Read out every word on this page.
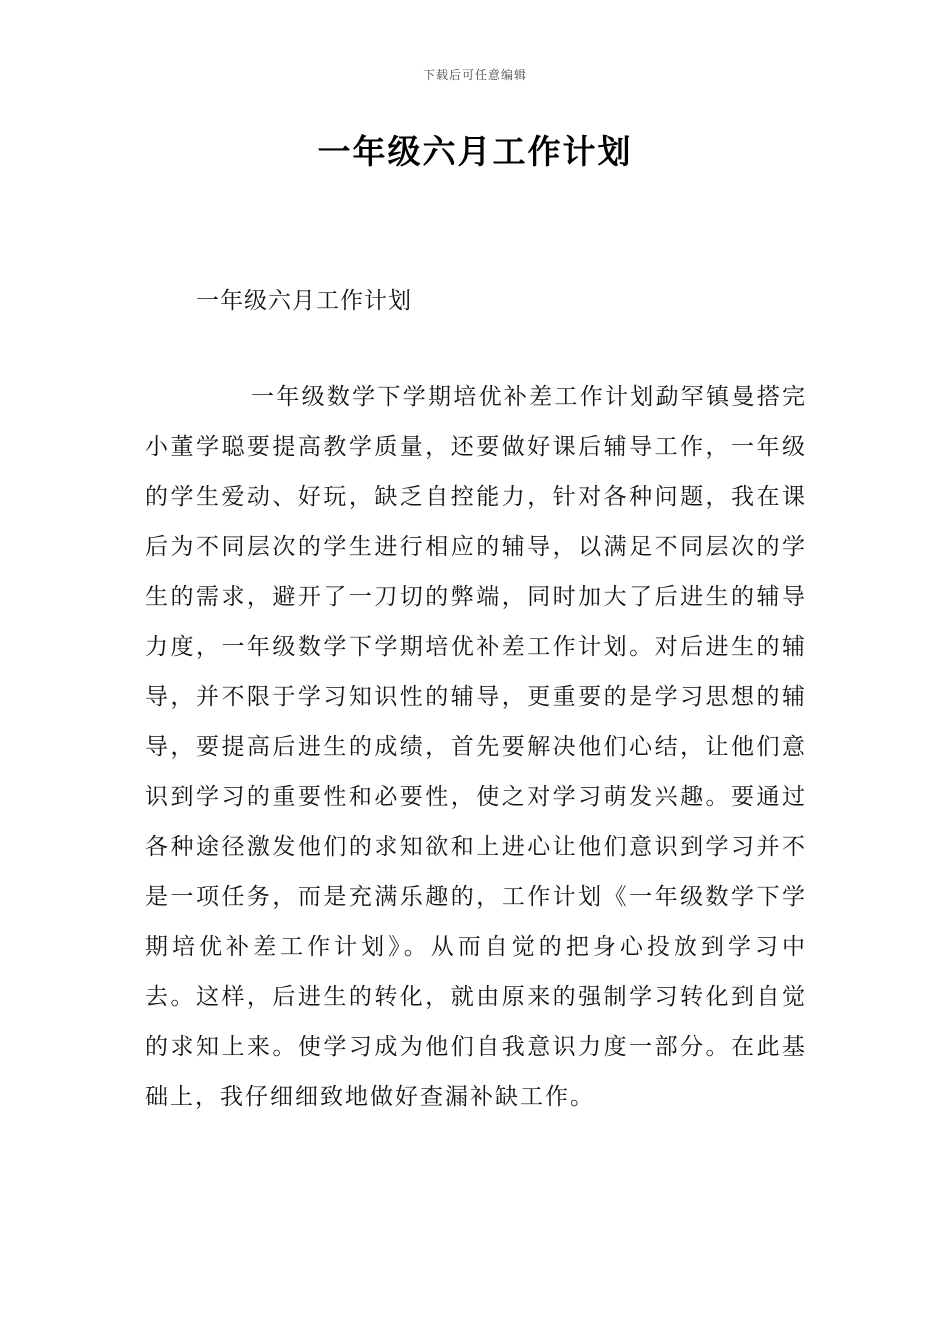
下载后可任意编辑
一年级六月工作计划
一年级六月工作计划

一年级数学下学期培优补差工作计划勐罕镇曼搭完小董学聪要提高教学质量，还要做好课后辅导工作，一年级的学生爱动、好玩，缺乏自控能力，针对各种问题，我在课后为不同层次的学生进行相应的辅导，以满足不同层次的学生的需求，避开了一刀切的弊端，同时加大了后进生的辅导力度，一年级数学下学期培优补差工作计划。对后进生的辅导，并不限于学习知识性的辅导，更重要的是学习思想的辅导，要提高后进生的成绩，首先要解决他们心结，让他们意识到学习的重要性和必要性，使之对学习萌发兴趣。要通过各种途径激发他们的求知欲和上进心让他们意识到学习并不是一项任务，而是充满乐趣的，工作计划《一年级数学下学期培优补差工作计划》。从而自觉的把身心投放到学习中去。这样，后进生的转化，就由原来的强制学习转化到自觉的求知上来。使学习成为他们自我意识力度一部分。在此基础上，我仔细细致地做好查漏补缺工作。
